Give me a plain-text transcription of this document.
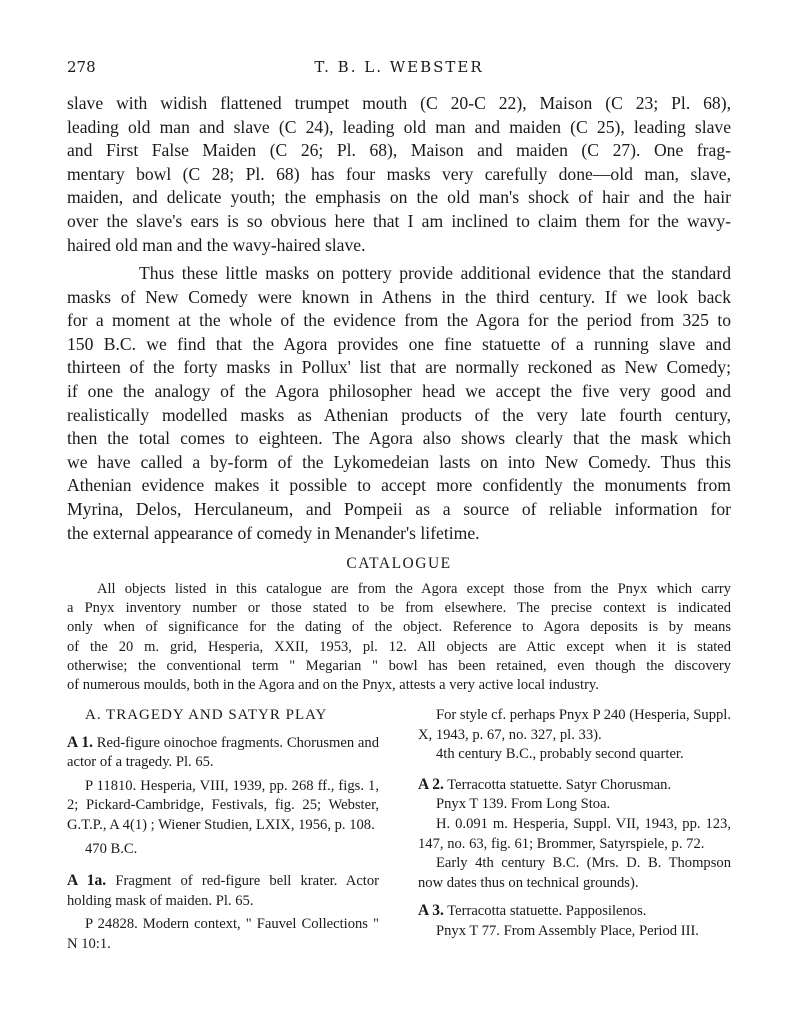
278	T. B. L. WEBSTER
slave with widish flattened trumpet mouth (C 20-C 22), Maison (C 23; Pl. 68),
leading old man and slave (C 24), leading old man and maiden (C 25), leading slave
and First False Maiden (C 26; Pl. 68), Maison and maiden (C 27). One frag-
mentary bowl (C 28; Pl. 68) has four masks very carefully done—old man, slave,
maiden, and delicate youth; the emphasis on the old man's shock of hair and the hair
over the slave's ears is so obvious here that I am inclined to claim them for the wavy-
haired old man and the wavy-haired slave.
Thus these little masks on pottery provide additional evidence that the standard
masks of New Comedy were known in Athens in the third century. If we look back
for a moment at the whole of the evidence from the Agora for the period from 325 to
150 B.C. we find that the Agora provides one fine statuette of a running slave and
thirteen of the forty masks in Pollux' list that are normally reckoned as New Comedy;
if one the analogy of the Agora philosopher head we accept the five very good and
realistically modelled masks as Athenian products of the very late fourth century,
then the total comes to eighteen. The Agora also shows clearly that the mask which
we have called a by-form of the Lykomedeian lasts on into New Comedy. Thus this
Athenian evidence makes it possible to accept more confidently the monuments from
Myrina, Delos, Herculaneum, and Pompeii as a source of reliable information for
the external appearance of comedy in Menander's lifetime.
CATALOGUE
All objects listed in this catalogue are from the Agora except those from the Pnyx which carry
a Pnyx inventory number or those stated to be from elsewhere. The precise context is indicated
only when of significance for the dating of the object. Reference to Agora deposits is by means
of the 20 m. grid, Hesperia, XXII, 1953, pl. 12. All objects are Attic except when it is stated
otherwise; the conventional term " Megarian " bowl has been retained, even though the discovery
of numerous moulds, both in the Agora and on the Pnyx, attests a very active local industry.
A. TRAGEDY AND SATYR PLAY
A 1. Red-figure oinochoe fragments. Chorusmen and actor of a tragedy. Pl. 65.
P 11810. Hesperia, VIII, 1939, pp. 268 ff., figs. 1, 2; Pickard-Cambridge, Festivals, fig. 25; Webster, G.T.P., A 4(1) ; Wiener Studien, LXIX, 1956, p. 108.
470 B.C.
A 1a. Fragment of red-figure bell krater. Actor holding mask of maiden. Pl. 65.
P 24828. Modern context, " Fauvel Collections " N 10:1.
For style cf. perhaps Pnyx P 240 (Hesperia, Suppl. X, 1943, p. 67, no. 327, pl. 33).
4th century B.C., probably second quarter.
A 2. Terracotta statuette. Satyr Chorusman.
Pnyx T 139. From Long Stoa.
H. 0.091 m. Hesperia, Suppl. VII, 1943, pp. 123, 147, no. 63, fig. 61; Brommer, Satyrspiele, p. 72.
Early 4th century B.C. (Mrs. D. B. Thompson now dates thus on technical grounds).
A 3. Terracotta statuette. Papposilenos.
Pnyx T 77. From Assembly Place, Period III.
